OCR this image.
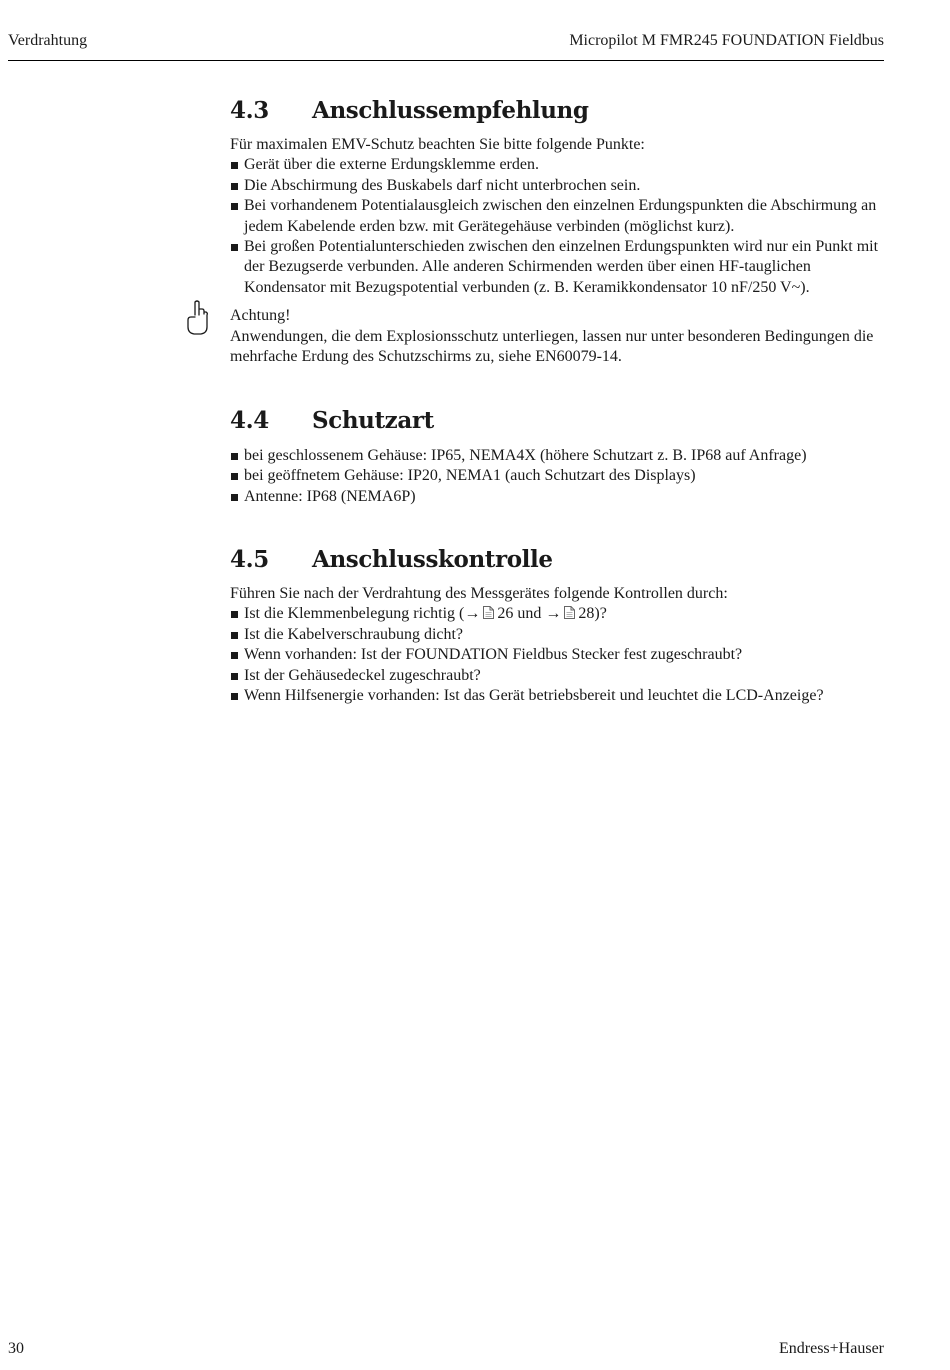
Verdrahtung	Micropilot M FMR245 FOUNDATION Fieldbus
4.3 Anschlussempfehlung
Für maximalen EMV-Schutz beachten Sie bitte folgende Punkte:
Gerät über die externe Erdungsklemme erden.
Die Abschirmung des Buskabels darf nicht unterbrochen sein.
Bei vorhandenem Potentialausgleich zwischen den einzelnen Erdungspunkten die Abschirmung an jedem Kabelende erden bzw. mit Gerätegehäuse verbinden (möglichst kurz).
Bei großen Potentialunterschieden zwischen den einzelnen Erdungspunkten wird nur ein Punkt mit der Bezugserde verbunden. Alle anderen Schirmenden werden über einen HF-tauglichen Kondensator mit Bezugspotential verbunden (z. B. Keramikkondensator 10 nF/250 V~).
Achtung!
Anwendungen, die dem Explosionsschutz unterliegen, lassen nur unter besonderen Bedingungen die mehrfache Erdung des Schutzschirms zu, siehe EN60079-14.
4.4 Schutzart
bei geschlossenem Gehäuse: IP65, NEMA4X (höhere Schutzart z. B. IP68 auf Anfrage)
bei geöffnetem Gehäuse: IP20, NEMA1 (auch Schutzart des Displays)
Antenne: IP68 (NEMA6P)
4.5 Anschlusskontrolle
Führen Sie nach der Verdrahtung des Messgerätes folgende Kontrollen durch:
Ist die Klemmenbelegung richtig (→ 26 und → 28)?
Ist die Kabelverschraubung dicht?
Wenn vorhanden: Ist der FOUNDATION Fieldbus Stecker fest zugeschraubt?
Ist der Gehäusedeckel zugeschraubt?
Wenn Hilfsenergie vorhanden: Ist das Gerät betriebsbereit und leuchtet die LCD-Anzeige?
30	Endress+Hauser
